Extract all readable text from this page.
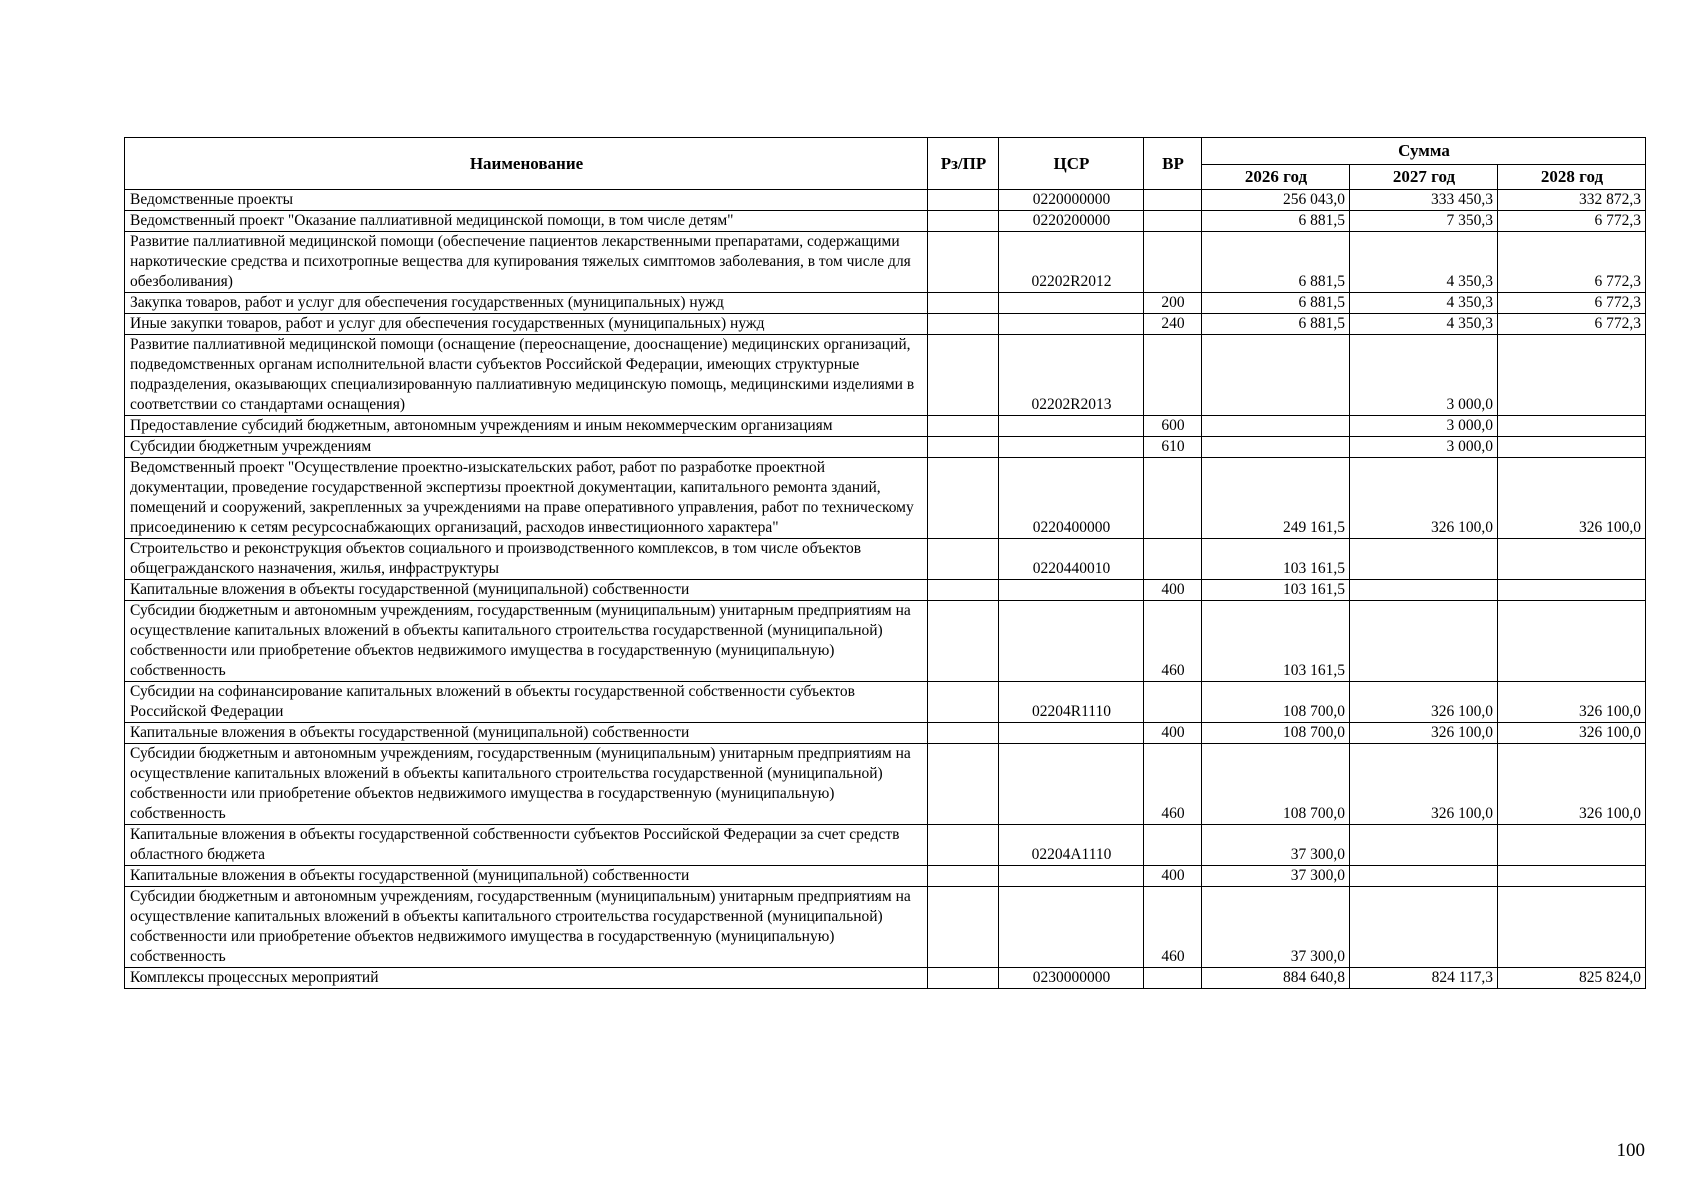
Наименование	Рз/ПР	ЦСР	ВР	Сумма		
				2026 год	2027 год	2028 год
Ведомственные проекты		0220000000		256 043,0	333 450,3	332 872,3
Ведомственный проект "Оказание паллиативной медицинской помощи, в том числе детям"		0220200000		6 881,5	7 350,3	6 772,3
Развитие паллиативной медицинской помощи (обеспечение пациентов лекарственными препаратами, содержащими наркотические средства и психотропные вещества для купирования тяжелых симптомов заболевания, в том числе для обезболивания)		02202R2012		6 881,5	4 350,3	6 772,3
Закупка товаров, работ и услуг для обеспечения государственных (муниципальных) нужд			200	6 881,5	4 350,3	6 772,3
Иные закупки товаров, работ и услуг для обеспечения государственных (муниципальных) нужд			240	6 881,5	4 350,3	6 772,3
Развитие паллиативной медицинской помощи (оснащение (переоснащение, дооснащение) медицинских организаций, подведомственных органам исполнительной власти субъектов Российской Федерации, имеющих структурные подразделения, оказывающих специализированную паллиативную медицинскую помощь, медицинскими изделиями в соответствии со стандартами оснащения)		02202R2013			3 000,0	
Предоставление субсидий бюджетным, автономным учреждениям и иным некоммерческим организациям			600		3 000,0	
Субсидии бюджетным учреждениям			610		3 000,0	
Ведомственный проект "Осуществление проектно-изыскательских работ, работ по разработке проектной документации, проведение государственной экспертизы проектной документации, капитального ремонта зданий, помещений и сооружений, закрепленных за учреждениями на праве оперативного управления, работ по техническому присоединению к сетям ресурсоснабжающих организаций, расходов инвестиционного характера"		0220400000		249 161,5	326 100,0	326 100,0
Строительство и реконструкция объектов социального и производственного комплексов, в том числе объектов общегражданского назначения, жилья, инфраструктуры		0220440010		103 161,5		
Капитальные вложения в объекты государственной (муниципальной) собственности			400	103 161,5		
Субсидии бюджетным и автономным учреждениям, государственным (муниципальным) унитарным предприятиям на осуществление капитальных вложений в объекты капитального строительства государственной (муниципальной) собственности или приобретение объектов недвижимого имущества в государственную (муниципальную) собственность			460	103 161,5		
Субсидии на софинансирование капитальных вложений в объекты государственной собственности субъектов Российской Федерации		02204R1110		108 700,0	326 100,0	326 100,0
Капитальные вложения в объекты государственной (муниципальной) собственности			400	108 700,0	326 100,0	326 100,0
Субсидии бюджетным и автономным учреждениям, государственным (муниципальным) унитарным предприятиям на осуществление капитальных вложений в объекты капитального строительства государственной (муниципальной) собственности или приобретение объектов недвижимого имущества в государственную (муниципальную) собственность			460	108 700,0	326 100,0	326 100,0
Капитальные вложения в объекты государственной собственности субъектов Российской Федерации за счет средств областного бюджета		02204A1110		37 300,0		
Капитальные вложения в объекты государственной (муниципальной) собственности			400	37 300,0		
Субсидии бюджетным и автономным учреждениям, государственным (муниципальным) унитарным предприятиям на осуществление капитальных вложений в объекты капитального строительства государственной (муниципальной) собственности или приобретение объектов недвижимого имущества в государственную (муниципальную) собственность			460	37 300,0		
Комплексы процессных мероприятий		0230000000		884 640,8	824 117,3	825 824,0
100
